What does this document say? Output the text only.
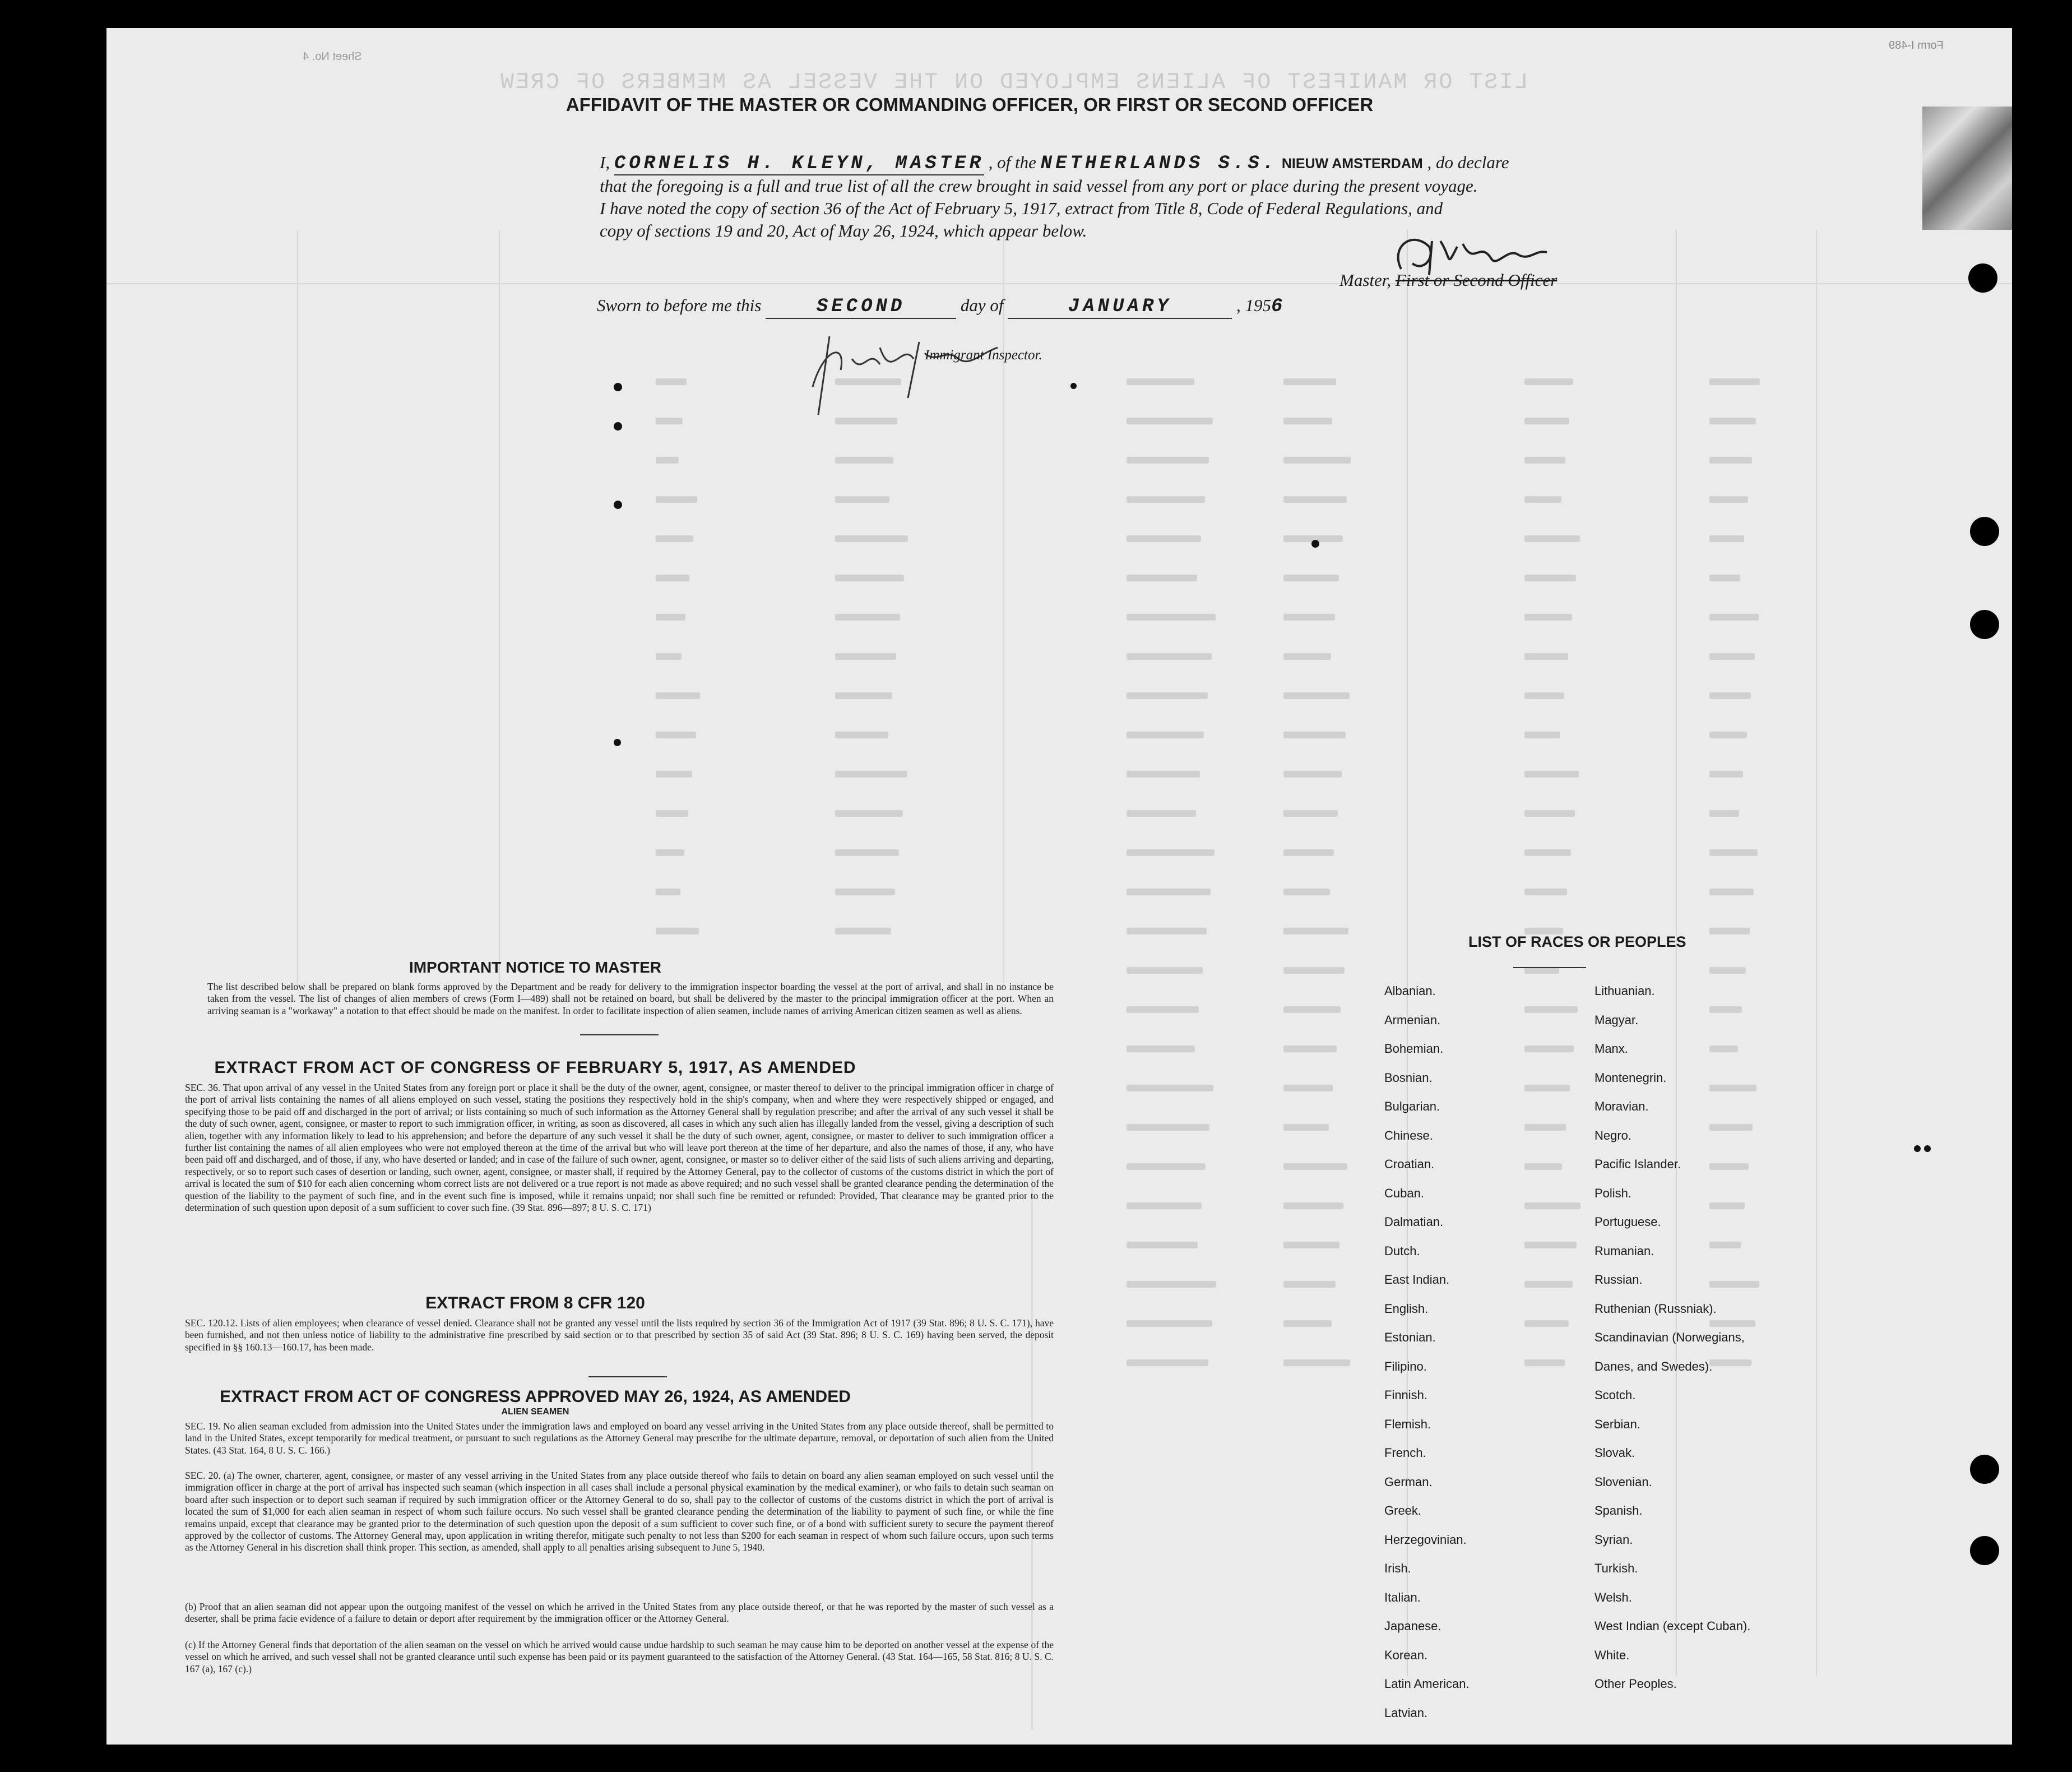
LIST OR MANIFEST OF ALIENS EMPLOYED ON THE VESSEL AS MEMBERS OF CREW
Form I-489
Sheet No. 4
AFFIDAVIT OF THE MASTER OR COMMANDING OFFICER, OR FIRST OR SECOND OFFICER
I, CORNELIS H. KLEYN, MASTER , of the NETHERLANDS S.S. NIEUW AMSTERDAM , do declare
that the foregoing is a full and true list of all the crew brought in said vessel from any port or place during the present voyage.
I have noted the copy of section 36 of the Act of February 5, 1917, extract from Title 8, Code of Federal Regulations, and
copy of sections 19 and 20, Act of May 26, 1924, which appear below.
Master, First or Second Officer
Sworn to before me this	SECOND	day of	JANUARY	, 1956
Immigrant Inspector.
IMPORTANT NOTICE TO MASTER
The list described below shall be prepared on blank forms approved by the Department and be ready for delivery to the immigration inspector boarding the vessel at the port of arrival, and shall in no instance be taken from the vessel. The list of changes of alien members of crews (Form I—489) shall not be retained on board, but shall be delivered by the master to the principal immigration officer at the port. When an arriving seaman is a "workaway" a notation to that effect should be made on the manifest. In order to facilitate inspection of alien seamen, include names of arriving American citizen seamen as well as aliens.
EXTRACT FROM ACT OF CONGRESS OF FEBRUARY 5, 1917, AS AMENDED
SEC. 36. That upon arrival of any vessel in the United States from any foreign port or place it shall be the duty of the owner, agent, consignee, or master thereof to deliver to the principal immigration officer in charge of the port of arrival lists containing the names of all aliens employed on such vessel, stating the positions they respectively hold in the ship's company, when and where they were respectively shipped or engaged, and specifying those to be paid off and discharged in the port of arrival; or lists containing so much of such information as the Attorney General shall by regulation prescribe; and after the arrival of any such vessel it shall be the duty of such owner, agent, consignee, or master to report to such immigration officer, in writing, as soon as discovered, all cases in which any such alien has illegally landed from the vessel, giving a description of such alien, together with any information likely to lead to his apprehension; and before the departure of any such vessel it shall be the duty of such owner, agent, consignee, or master to deliver to such immigration officer a further list containing the names of all alien employees who were not employed thereon at the time of the arrival but who will leave port thereon at the time of her departure, and also the names of those, if any, who have been paid off and discharged, and of those, if any, who have deserted or landed; and in case of the failure of such owner, agent, consignee, or master so to deliver either of the said lists of such aliens arriving and departing, respectively, or so to report such cases of desertion or landing, such owner, agent, consignee, or master shall, if required by the Attorney General, pay to the collector of customs of the customs district in which the port of arrival is located the sum of $10 for each alien concerning whom correct lists are not delivered or a true report is not made as above required; and no such vessel shall be granted clearance pending the determination of the question of the liability to the payment of such fine, and in the event such fine is imposed, while it remains unpaid; nor shall such fine be remitted or refunded: Provided, That clearance may be granted prior to the determination of such question upon deposit of a sum sufficient to cover such fine. (39 Stat. 896—897; 8 U. S. C. 171)
EXTRACT FROM 8 CFR 120
SEC. 120.12. Lists of alien employees; when clearance of vessel denied. Clearance shall not be granted any vessel until the lists required by section 36 of the Immigration Act of 1917 (39 Stat. 896; 8 U. S. C. 171), have been furnished, and not then unless notice of liability to the administrative fine prescribed by said section or to that prescribed by section 35 of said Act (39 Stat. 896; 8 U. S. C. 169) having been served, the deposit specified in §§ 160.13—160.17, has been made.
EXTRACT FROM ACT OF CONGRESS APPROVED MAY 26, 1924, AS AMENDED
ALIEN SEAMEN
SEC. 19. No alien seaman excluded from admission into the United States under the immigration laws and employed on board any vessel arriving in the United States from any place outside thereof, shall be permitted to land in the United States, except temporarily for medical treatment, or pursuant to such regulations as the Attorney General may prescribe for the ultimate departure, removal, or deportation of such alien from the United States. (43 Stat. 164, 8 U. S. C. 166.)
SEC. 20. (a) The owner, charterer, agent, consignee, or master of any vessel arriving in the United States from any place outside thereof who fails to detain on board any alien seaman employed on such vessel until the immigration officer in charge at the port of arrival has inspected such seaman (which inspection in all cases shall include a personal physical examination by the medical examiner), or who fails to detain such seaman on board after such inspection or to deport such seaman if required by such immigration officer or the Attorney General to do so, shall pay to the collector of customs of the customs district in which the port of arrival is located the sum of $1,000 for each alien seaman in respect of whom such failure occurs. No such vessel shall be granted clearance pending the determination of the liability to payment of such fine, or while the fine remains unpaid, except that clearance may be granted prior to the determination of such question upon the deposit of a sum sufficient to cover such fine, or of a bond with sufficient surety to secure the payment thereof approved by the collector of customs. The Attorney General may, upon application in writing therefor, mitigate such penalty to not less than $200 for each seaman in respect of whom such failure occurs, upon such terms as the Attorney General in his discretion shall think proper. This section, as amended, shall apply to all penalties arising subsequent to June 5, 1940.
(b) Proof that an alien seaman did not appear upon the outgoing manifest of the vessel on which he arrived in the United States from any place outside thereof, or that he was reported by the master of such vessel as a deserter, shall be prima facie evidence of a failure to detain or deport after requirement by the immigration officer or the Attorney General.
(c) If the Attorney General finds that deportation of the alien seaman on the vessel on which he arrived would cause undue hardship to such seaman he may cause him to be deported on another vessel at the expense of the vessel on which he arrived, and such vessel shall not be granted clearance until such expense has been paid or its payment guaranteed to the satisfaction of the Attorney General. (43 Stat. 164—165, 58 Stat. 816; 8 U. S. C. 167 (a), 167 (c).)
LIST OF RACES OR PEOPLES
Albanian.
Armenian.
Bohemian.
Bosnian.
Bulgarian.
Chinese.
Croatian.
Cuban.
Dalmatian.
Dutch.
East Indian.
English.
Estonian.
Filipino.
Finnish.
Flemish.
French.
German.
Greek.
Herzegovinian.
Irish.
Italian.
Japanese.
Korean.
Latin American.
Latvian.
Lithuanian.
Magyar.
Manx.
Montenegrin.
Moravian.
Negro.
Pacific Islander.
Polish.
Portuguese.
Rumanian.
Russian.
Ruthenian (Russniak).
Scandinavian (Norwegians,
Danes, and Swedes).
Scotch.
Serbian.
Slovak.
Slovenian.
Spanish.
Syrian.
Turkish.
Welsh.
West Indian (except Cuban).
White.
Other Peoples.
